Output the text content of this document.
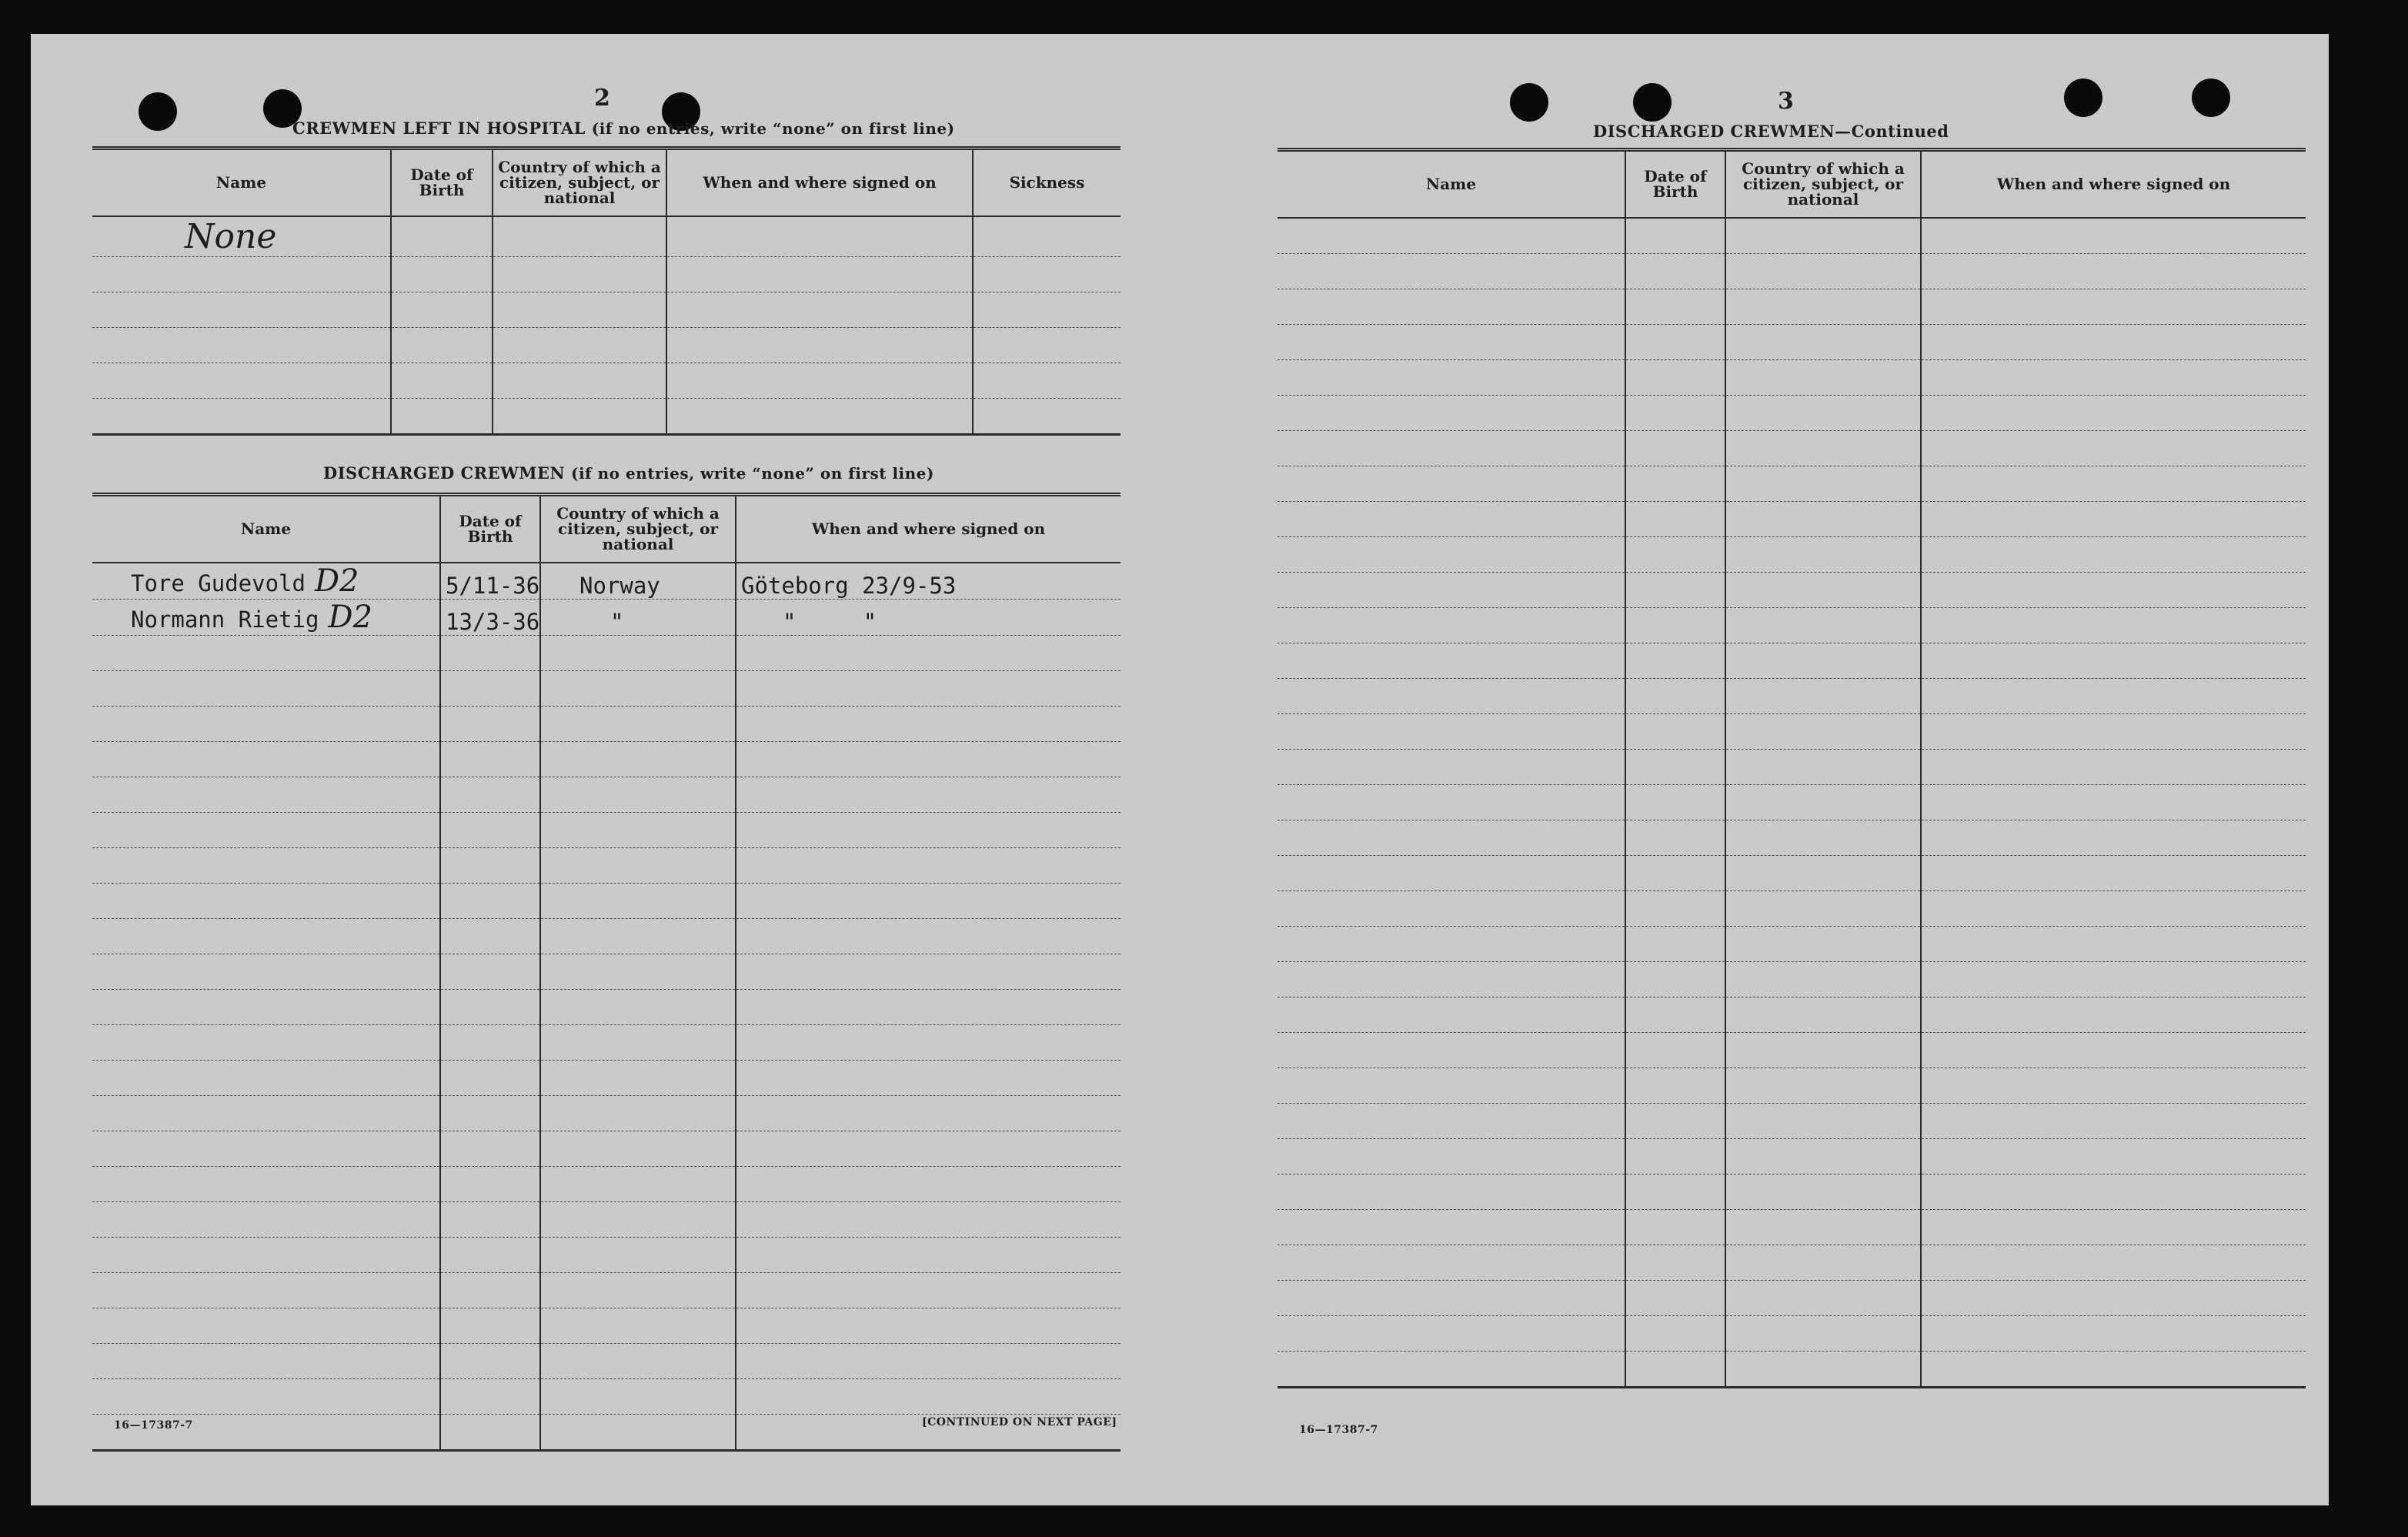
2
CREWMEN LEFT IN HOSPITAL (if no entries, write “none” on first line)
Name	Date of Birth	Country of which a citizen, subject, or national	When and where signed on	Sickness
None				

DISCHARGED CREWMEN (if no entries, write “none” on first line)
Name	Date of Birth	Country of which a citizen, subject, or national	When and where signed on
Tore Gudevold D2	5/11-36	Norway	Göteborg 23/9-53
Normann Rietig D2	13/3-36	"	"     "

16—17387-7	[CONTINUED ON NEXT PAGE]
3
DISCHARGED CREWMEN—Continued
Name	Date of Birth	Country of which a citizen, subject, or national	When and where signed on

16—17387-7
